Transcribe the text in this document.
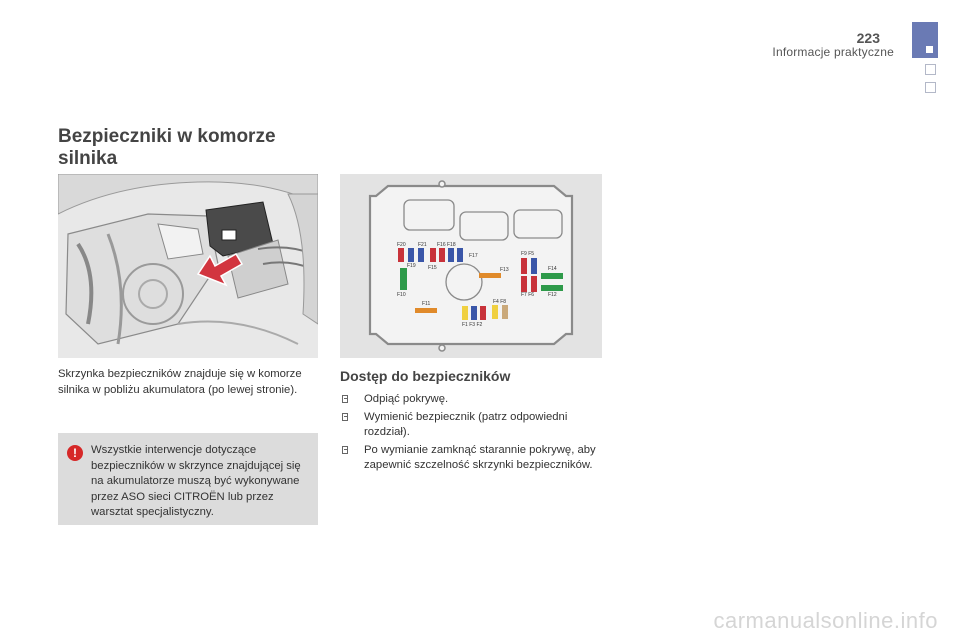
223
Informacje praktyczne
Bezpieczniki w komorze silnika
F20 F21 F16 F18
F17
F19 F15
F10
F11
F13
F9 F5
F14
F7 F6	F12
F4 F8
F1 F3 F2

Skrzynka bezpieczników znajduje się w komorze silnika w pobliżu akumulatora (po lewej stronie).

!	Wszystkie interwencje dotyczące bezpieczników w skrzynce znajdującej się na akumulatorze muszą być wykonywane przez ASO sieci CITROËN lub przez warsztat specjalistyczny.

Dostęp do bezpieczników
Odpiąć pokrywę.
Wymienić bezpiecznik (patrz odpowiedni rozdział).
Po wymianie zamknąć starannie pokrywę, aby zapewnić szczelność skrzynki bezpieczników.
carmanualsonline.info
